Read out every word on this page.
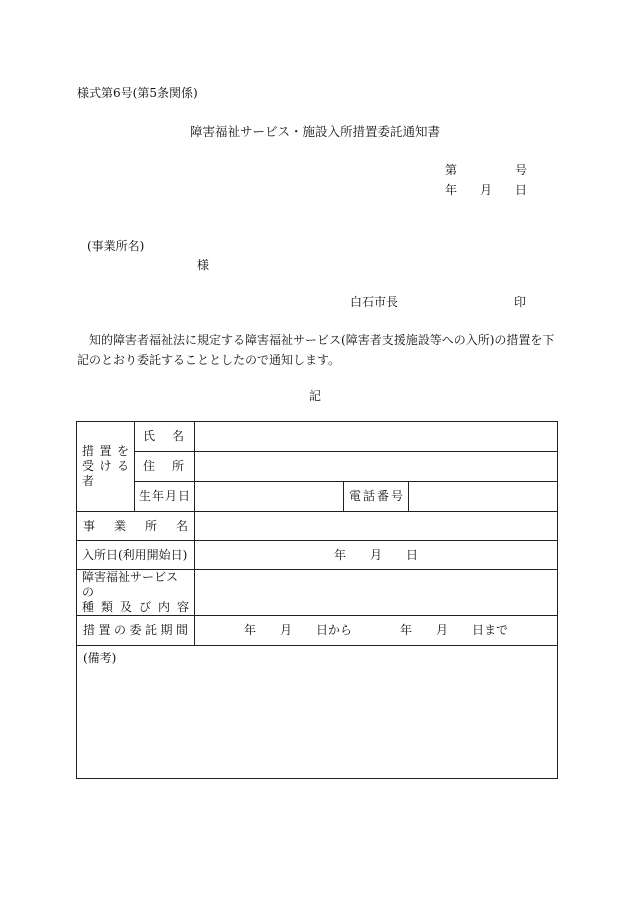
様式第6号(第5条関係)
障害福祉サービス・施設入所措置委託通知書
第	号
年 月 日
(事業所名)
様
白石市長	印
　知的障害者福祉法に規定する障害福祉サービス(障害者支援施設等への入所)の措置を下記のとおり委託することとしたので通知します。
記
措 置 を 受ける者	氏名			
	住所			
	生年月日		電話番号	
事業所名				
入所日(利用開始日)		年　　月　　日		

障害福祉サービスの
種類及び内容				

措置の委託期間		年　　月　　日から　　　　年　　月　　日まで		
(備考)				
